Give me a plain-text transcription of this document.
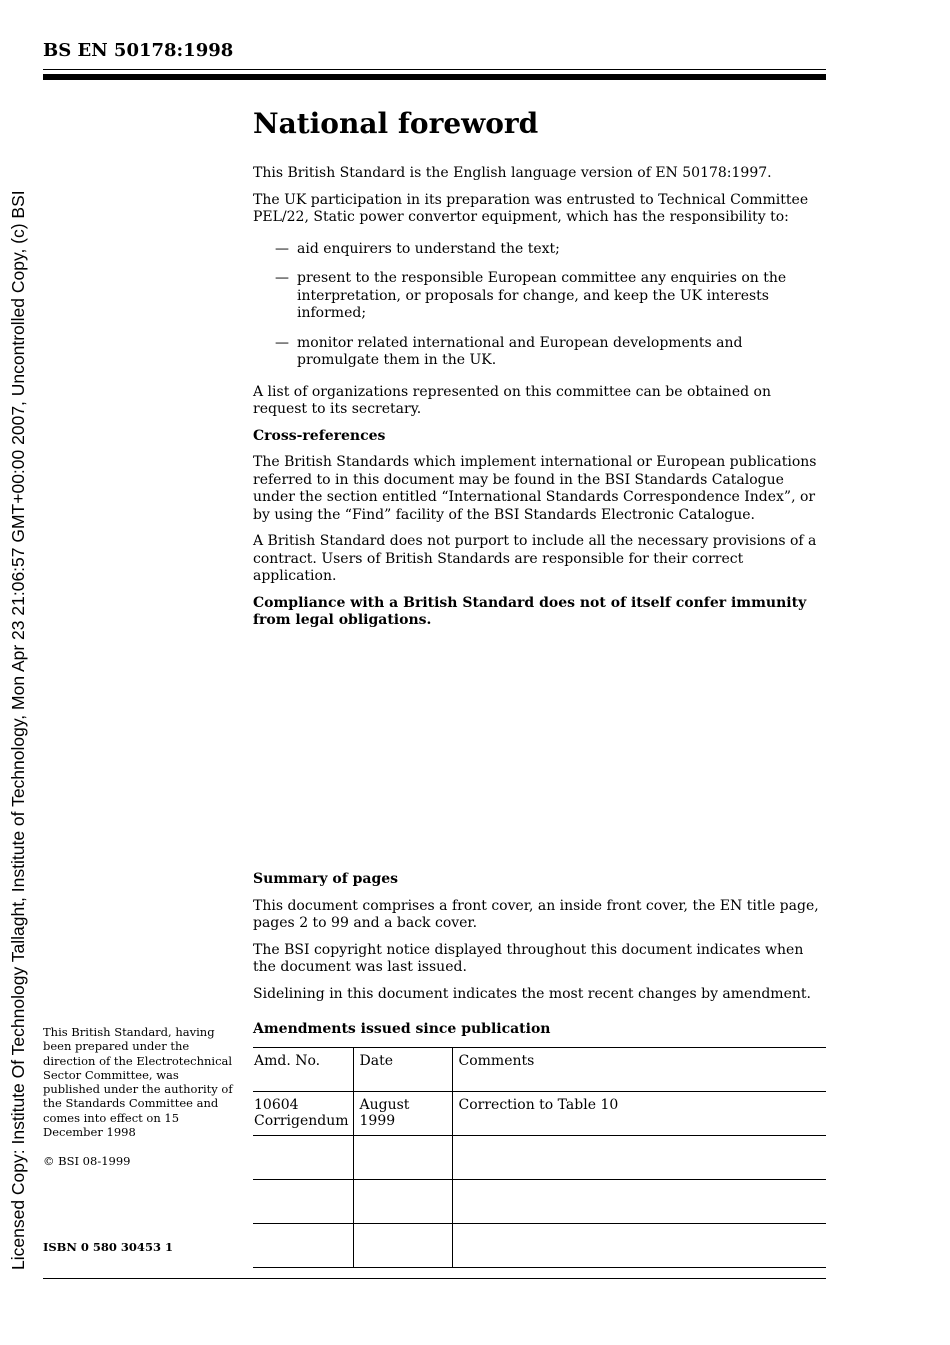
Licensed Copy: Institute Of Technology Tallaght, Institute of Technology, Mon Apr 23 21:06:57 GMT+00:00 2007, Uncontrolled Copy, (c) BSI
BS EN 50178:1998
National foreword

This British Standard is the English language version of EN 50178:1997.

The UK participation in its preparation was entrusted to Technical Committee PEL/22, Static power convertor equipment, which has the responsibility to:

— aid enquirers to understand the text;
— present to the responsible European committee any enquiries on the interpretation, or proposals for change, and keep the UK interests informed;
— monitor related international and European developments and promulgate them in the UK.

A list of organizations represented on this committee can be obtained on request to its secretary.

Cross-references

The British Standards which implement international or European publications referred to in this document may be found in the BSI Standards Catalogue under the section entitled “International Standards Correspondence Index”, or by using the “Find” facility of the BSI Standards Electronic Catalogue.

A British Standard does not purport to include all the necessary provisions of a contract. Users of British Standards are responsible for their correct application.

Compliance with a British Standard does not of itself confer immunity from legal obligations.

Summary of pages

This document comprises a front cover, an inside front cover, the EN title page, pages 2 to 99 and a back cover.

The BSI copyright notice displayed throughout this document indicates when the document was last issued.

Sidelining in this document indicates the most recent changes by amendment.

Amendments issued since publication

This British Standard, having been prepared under the direction of the Electrotechnical Sector Committee, was published under the authority of the Standards Committee and comes into effect on 15 December 1998
© BSI 08-1999
ISBN 0 580 30453 1
Amd. No.	Date	Comments
10604 Corrigendum	August 1999	Correction to Table 10
